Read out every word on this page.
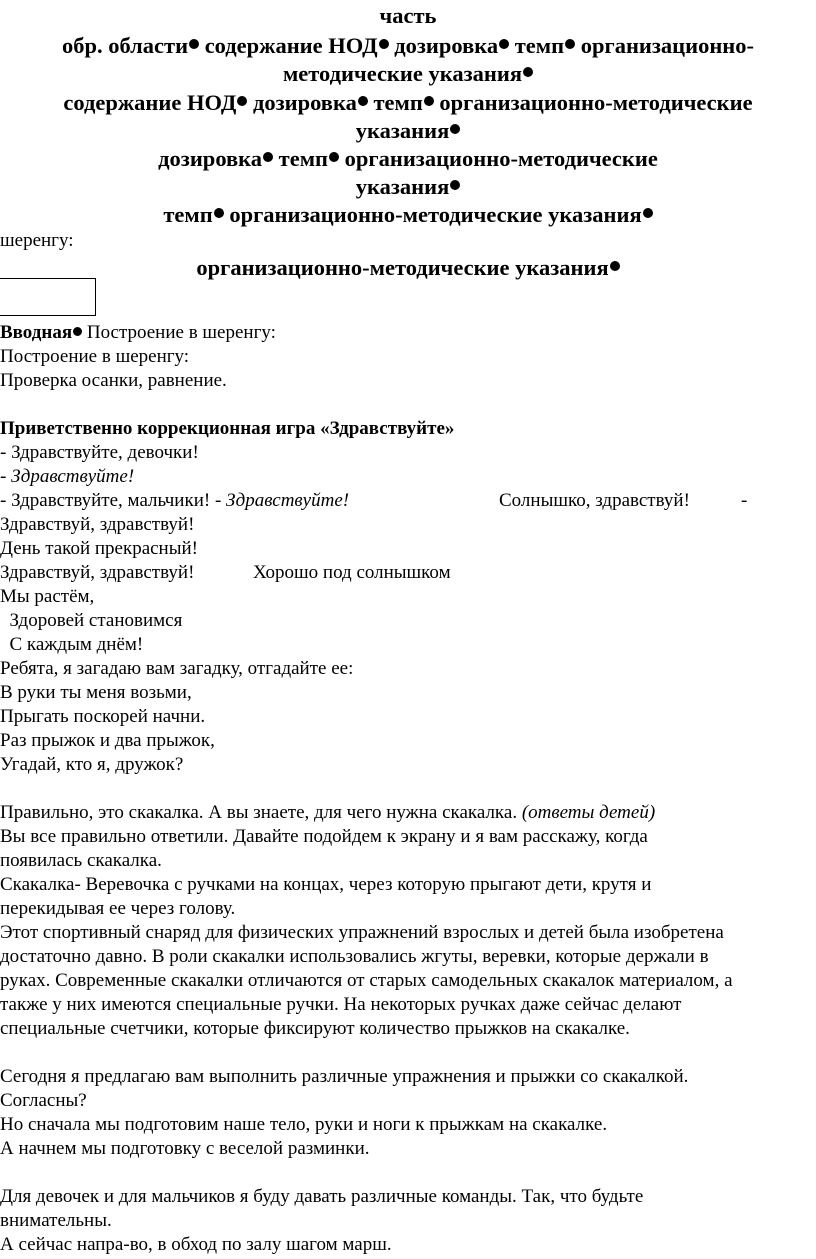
часть
обр. области содержание НОД дозировка темп организационно-
методические указания
содержание НОД дозировка темп организационно-методические
указания
дозировка темп организационно-методические
указания
темп организационно-методические указания
шеренгу:
организационно-методические указания
Вводная Построение в шеренгу:
Построение в шеренгу:
Проверка осанки, равнение.
Приветственно коррекционная игра «Здравствуйте»
- Здравствуйте, девочки!
- Здравствуйте!
- Здравствуйте, мальчики! - Здравствуйте!	Солнышко, здравствуй!	-
Здравствуй, здравствуй!
День такой прекрасный!
Здравствуй, здравствуй!	Хорошо под солнышком
Мы растём,
Здоровей становимся
С каждым днём!
Ребята, я загадаю вам загадку, отгадайте ее:
В руки ты меня возьми,
Прыгать поскорей начни.
Раз прыжок и два прыжок,
Угадай, кто я, дружок?
Правильно, это скакалка. А вы знаете, для чего нужна скакалка. (ответы детей)
Вы все правильно ответили. Давайте подойдем к экрану и я вам расскажу, когда
появилась скакалка.
Скакалка- Веревочка с ручками на концах, через которую прыгают дети, крутя и
перекидывая ее через голову.
Этот спортивный снаряд для физических упражнений взрослых и детей была изобретена
достаточно давно. В роли скакалки использовались жгуты, веревки, которые держали в
руках. Современные скакалки отличаются от старых самодельных скакалок материалом, а
также у них имеются специальные ручки. На некоторых ручках даже сейчас делают
специальные счетчики, которые фиксируют количество прыжков на скакалке.
Сегодня я предлагаю вам выполнить различные упражнения и прыжки со скакалкой.
Согласны?
Но сначала мы подготовим наше тело, руки и ноги к прыжкам на скакалке.
А начнем мы подготовку с веселой разминки.
Для девочек и для мальчиков я буду давать различные команды. Так, что будьте
внимательны.
А сейчас напра-во, в обход по залу шагом марш.
